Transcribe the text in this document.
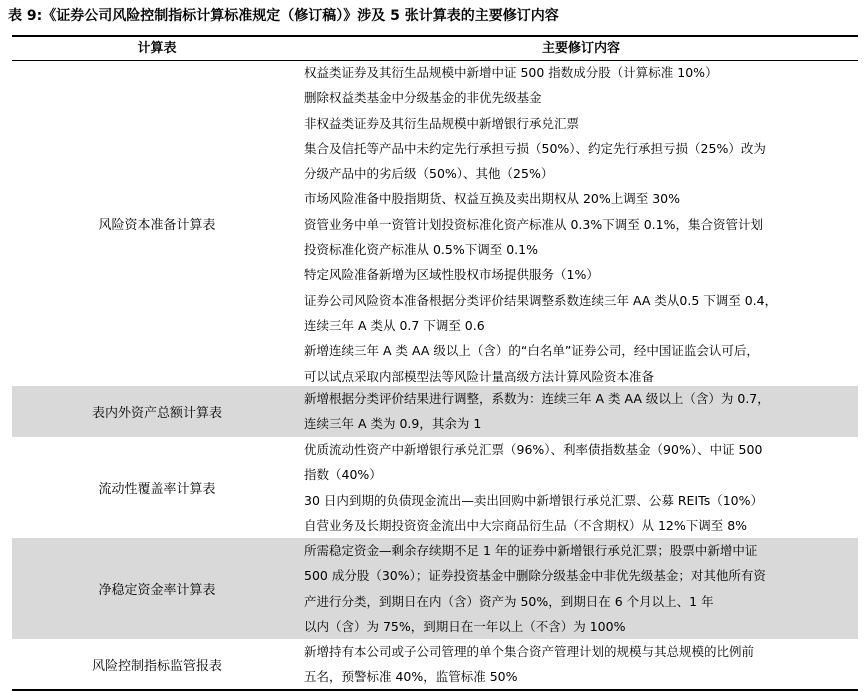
表 9:《证券公司风险控制指标计算标准规定（修订稿）》涉及 5 张计算表的主要修订内容
计算表	主要修订内容
风险资本准备计算表
权益类证券及其衍生品规模中新增中证 500 指数成分股（计算标准 10%）
删除权益类基金中分级基金的非优先级基金
非权益类证券及其衍生品规模中新增银行承兑汇票
集合及信托等产品中未约定先行承担亏损（50%）、约定先行承担亏损（25%）改为
分级产品中的劣后级（50%）、其他（25%）
市场风险准备中股指期货、权益互换及卖出期权从 20%上调至 30%
资管业务中单一资管计划投资标准化资产标准从 0.3%下调至 0.1%，集合资管计划
投资标准化资产标准从 0.5%下调至 0.1%
特定风险准备新增为区域性股权市场提供服务（1%）
证券公司风险资本准备根据分类评价结果调整系数连续三年 AA 类从0.5 下调至 0.4，
连续三年 A 类从 0.7 下调至 0.6
新增连续三年 A 类 AA 级以上（含）的“白名单”证券公司，经中国证监会认可后，
可以试点采取内部模型法等风险计量高级方法计算风险资本准备
表内外资产总额计算表
新增根据分类评价结果进行调整，系数为：连续三年 A 类 AA 级以上（含）为 0.7，
连续三年 A 类为 0.9，其余为 1
流动性覆盖率计算表
优质流动性资产中新增银行承兑汇票（96%）、利率债指数基金（90%）、中证 500
指数（40%）
30 日内到期的负债现金流出—卖出回购中新增银行承兑汇票、公募 REITs（10%）
自营业务及长期投资资金流出中大宗商品衍生品（不含期权）从 12%下调至 8%
净稳定资金率计算表
所需稳定资金—剩余存续期不足 1 年的证券中新增银行承兑汇票；股票中新增中证
500 成分股（30%）；证券投资基金中删除分级基金中非优先级基金；对其他所有资
产进行分类，到期日在内（含）资产为 50%，到期日在 6 个月以上、1 年
以内（含）为 75%，到期日在一年以上（不含）为 100%
风险控制指标监管报表
新增持有本公司或子公司管理的单个集合资产管理计划的规模与其总规模的比例前
五名，预警标准 40%，监管标准 50%
